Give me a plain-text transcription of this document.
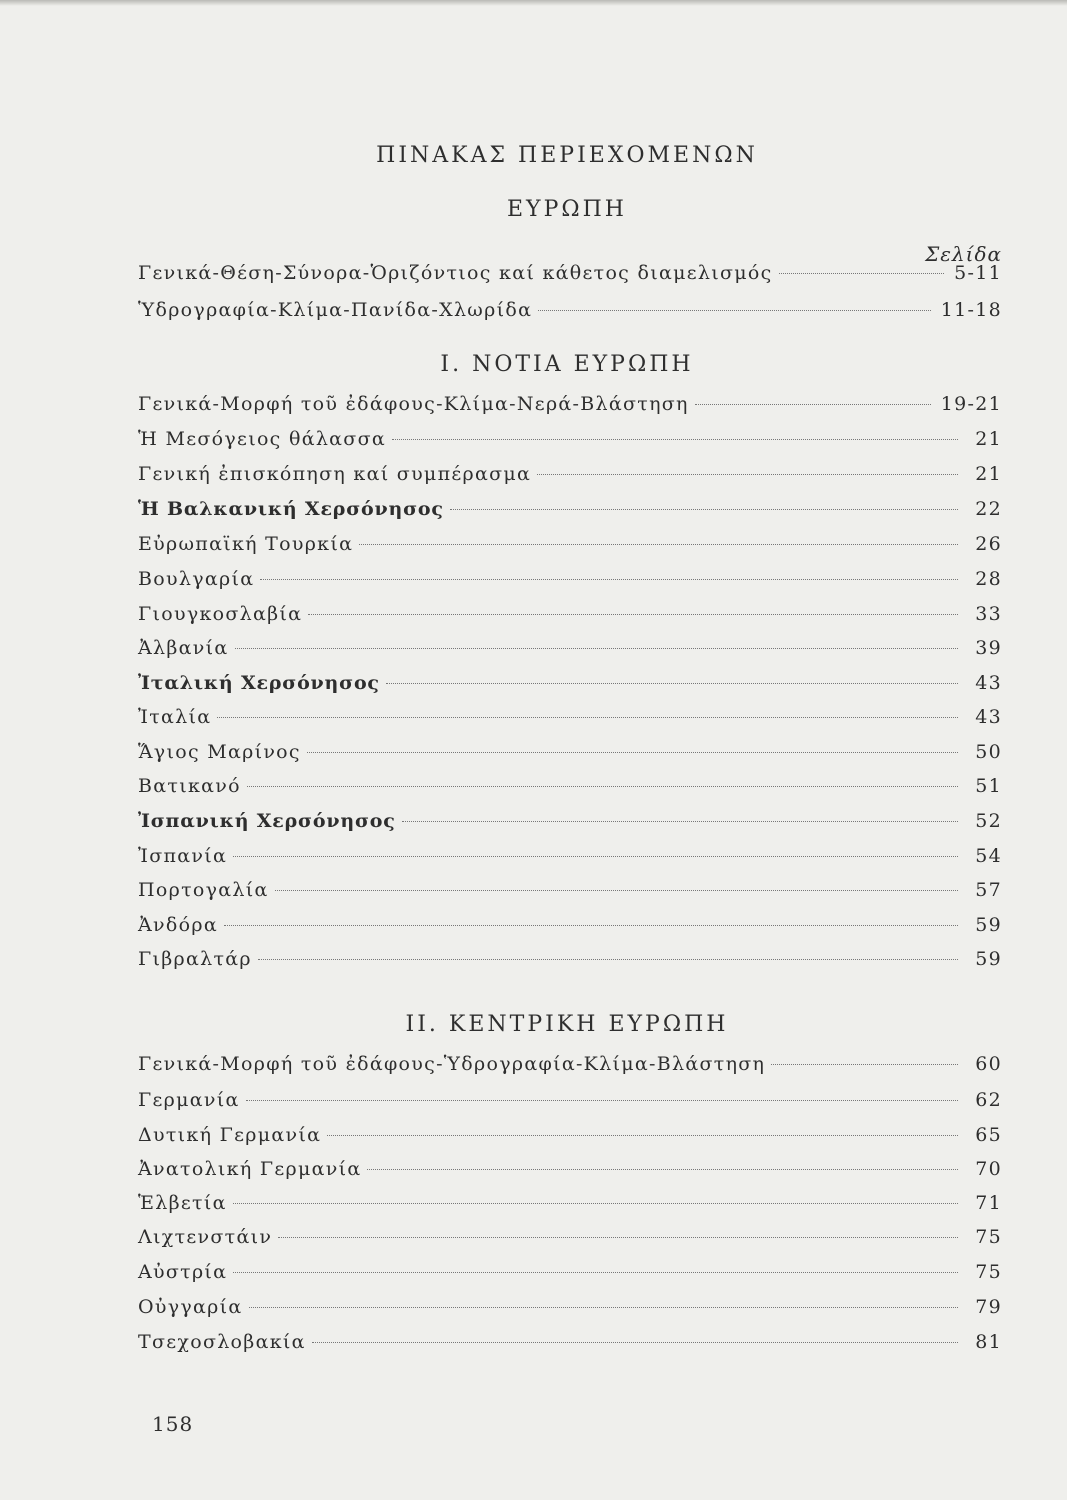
ΠΙΝΑΚΑΣ ΠΕΡΙΕΧΟΜΕΝΩΝ
ΕΥΡΩΠΗ
Σελίδα
Γενικά-Θέση-Σύνορα-Ὁριζόντιος καί κάθετος διαμελισμός	5-11
Ὑδρογραφία-Κλίμα-Πανίδα-Χλωρίδα	11-18
I. ΝΟΤΙΑ ΕΥΡΩΠΗ
Γενικά-Μορφή τοῦ ἐδάφους-Κλίμα-Νερά-Βλάστηση	19-21
Ἡ Μεσόγειος θάλασσα	21
Γενική ἐπισκόπηση καί συμπέρασμα	21
Ἡ Βαλκανική Χερσόνησος	22
Εὐρωπαϊκή Τουρκία	26
Βουλγαρία	28
Γιουγκοσλαβία	33
Ἀλβανία	39
Ἰταλική Χερσόνησος	43
Ἰταλία	43
Ἅγιος Μαρίνος	50
Βατικανό	51
Ἰσπανική Χερσόνησος	52
Ἰσπανία	54
Πορτογαλία	57
Ἀνδόρα	59
Γιβραλτάρ	59
II. ΚΕΝΤΡΙΚΗ ΕΥΡΩΠΗ
Γενικά-Μορφή τοῦ ἐδάφους-Ὑδρογραφία-Κλίμα-Βλάστηση	60
Γερμανία	62
Δυτική Γερμανία	65
Ἀνατολική Γερμανία	70
Ἑλβετία	71
Λιχτενστάιν	75
Αὐστρία	75
Οὐγγαρία	79
Τσεχοσλοβακία	81
158
